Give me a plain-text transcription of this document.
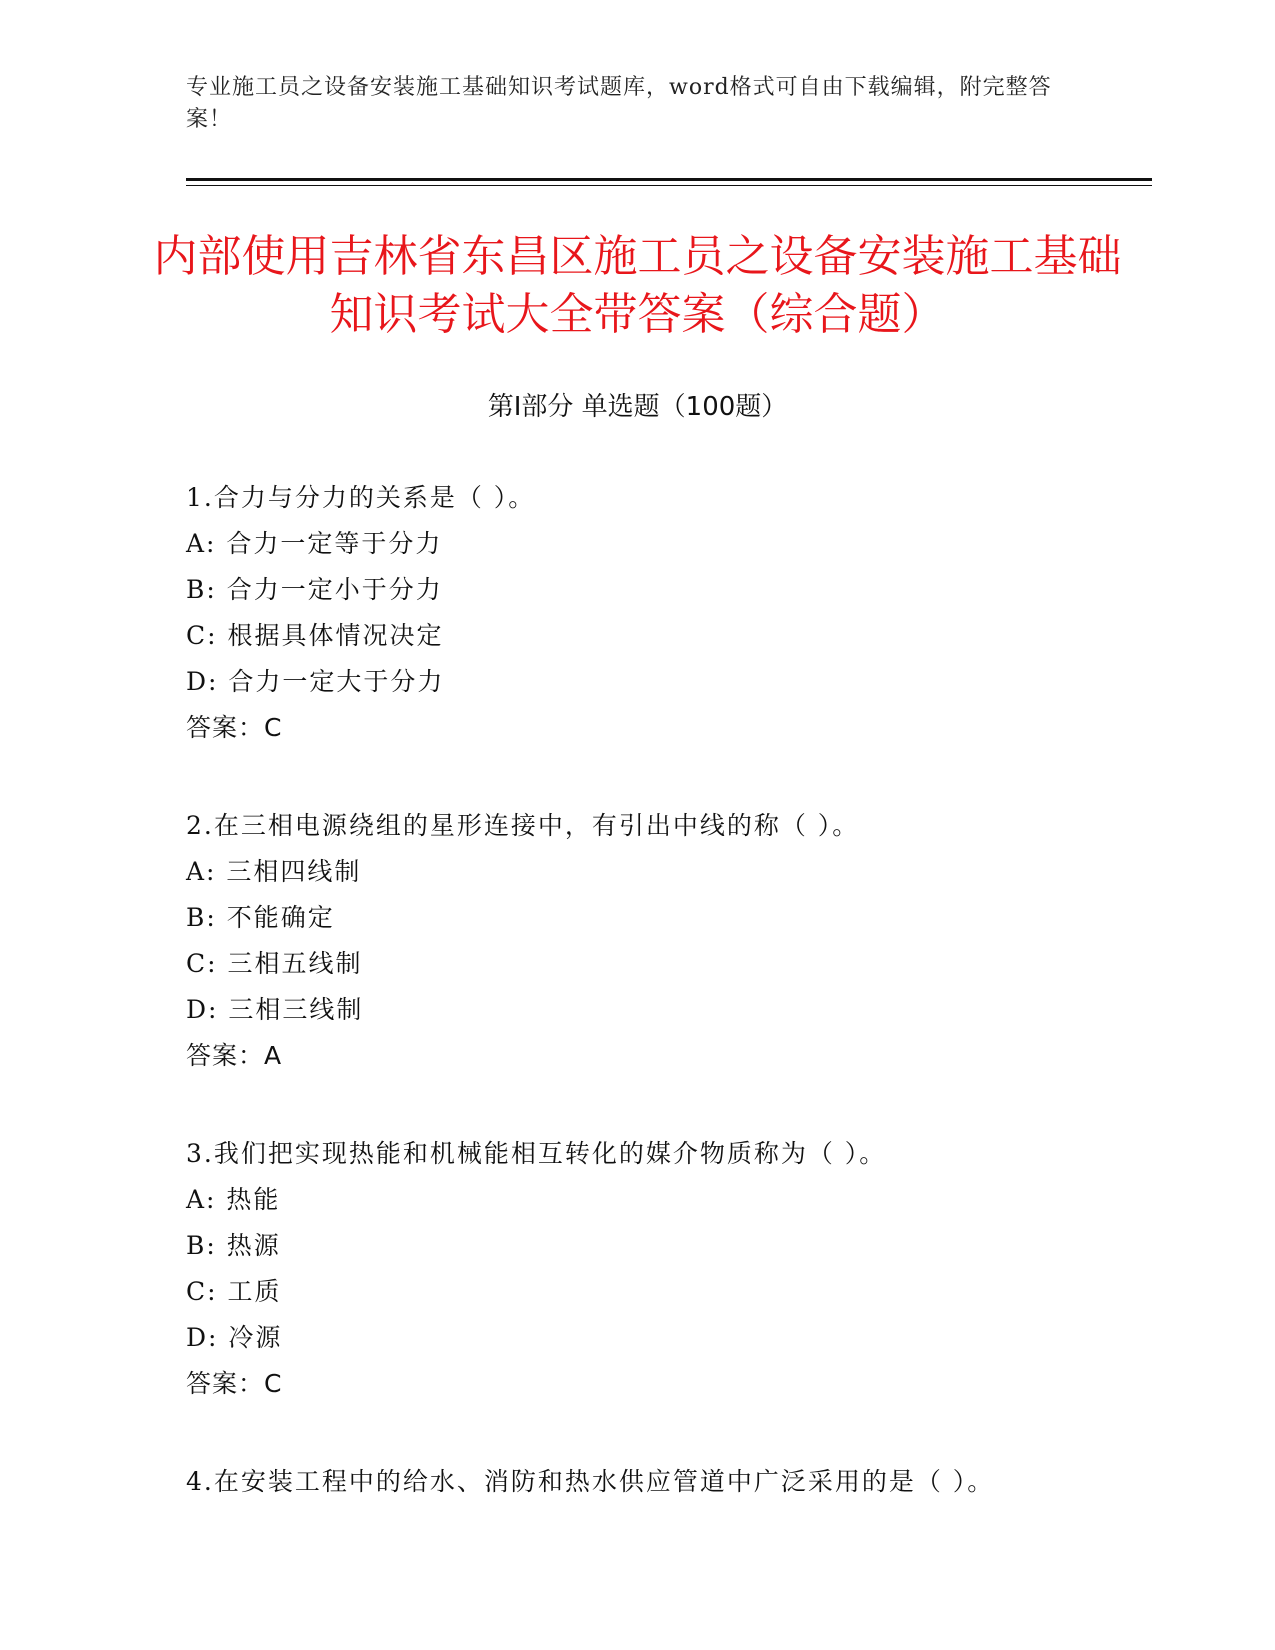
专业施工员之设备安装施工基础知识考试题库，word格式可自由下载编辑，附完整答案！
内部使用吉林省东昌区施工员之设备安装施工基础知识考试大全带答案（综合题）
第Ⅰ部分 单选题（100题）
1.合力与分力的关系是（ ）。
A: 合力一定等于分力
B: 合力一定小于分力
C: 根据具体情况决定
D: 合力一定大于分力
答案：C
2.在三相电源绕组的星形连接中，有引出中线的称（ ）。
A: 三相四线制
B: 不能确定
C: 三相五线制
D: 三相三线制
答案：A
3.我们把实现热能和机械能相互转化的媒介物质称为（ ）。
A: 热能
B: 热源
C: 工质
D: 冷源
答案：C
4.在安装工程中的给水、消防和热水供应管道中广泛采用的是（ ）。
